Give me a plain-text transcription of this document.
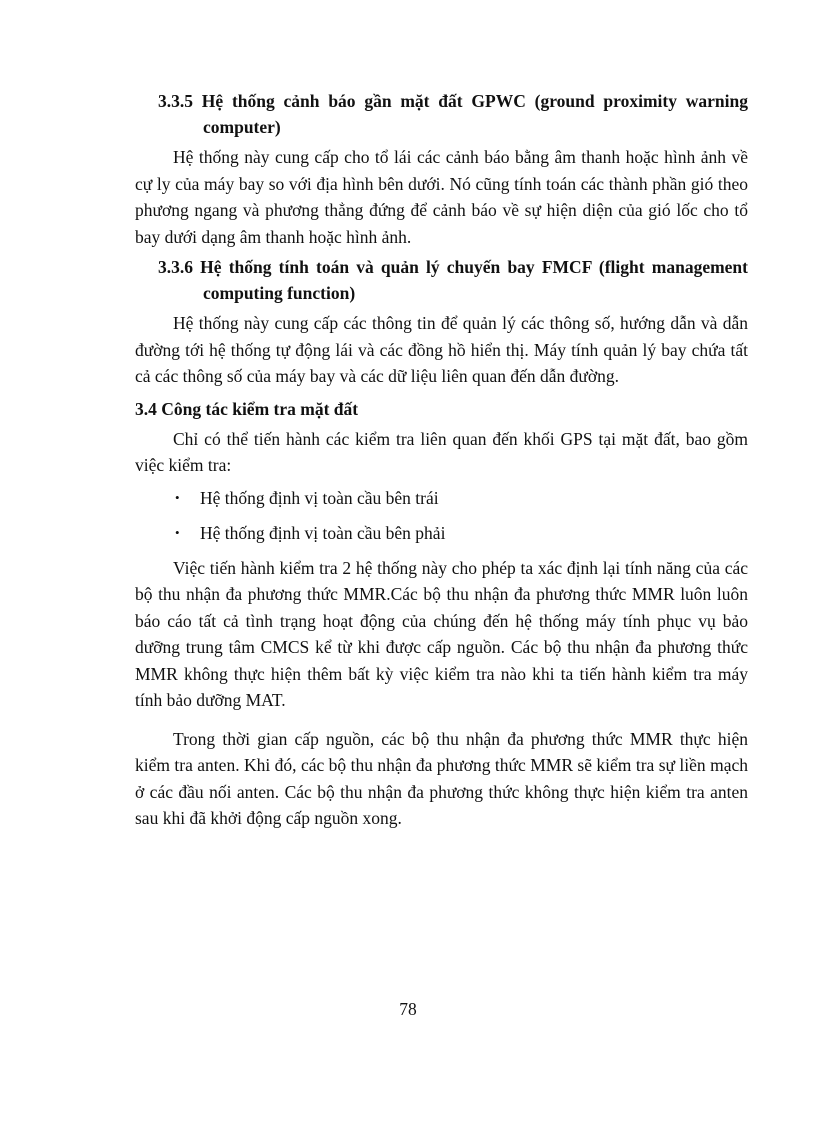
3.3.5 Hệ thống cảnh báo gần mặt đất GPWC (ground proximity warning computer)

Hệ thống này cung cấp cho tổ lái các cảnh báo bằng âm thanh hoặc hình ảnh về cự ly của máy bay so với địa hình bên dưới. Nó cũng tính toán các thành phần gió theo phương ngang và phương thẳng đứng để cảnh báo về sự hiện diện của gió lốc cho tổ bay dưới dạng âm thanh hoặc hình ảnh.

3.3.6 Hệ thống tính toán và quản lý chuyến bay FMCF (flight management computing function)

Hệ thống này cung cấp các thông tin để quản lý các thông số, hướng dẫn và dẫn đường tới hệ thống tự động lái và các đồng hồ hiển thị. Máy tính quản lý bay chứa tất cả các thông số của máy bay và các dữ liệu liên quan đến dẫn đường.

3.4 Công tác kiểm tra mặt đất

Chỉ có thể tiến hành các kiểm tra liên quan đến khối GPS tại mặt đất, bao gồm việc kiểm tra:

• Hệ thống định vị toàn cầu bên trái
• Hệ thống định vị toàn cầu bên phải

Việc tiến hành kiểm tra 2 hệ thống này cho phép ta xác định lại tính năng của các bộ thu nhận đa phương thức MMR.Các bộ thu nhận đa phương thức MMR luôn luôn báo cáo tất cả tình trạng hoạt động của chúng đến hệ thống máy tính phục vụ bảo dưỡng trung tâm CMCS kể từ khi được cấp nguồn. Các bộ thu nhận đa phương thức MMR không thực hiện thêm bất kỳ việc kiểm tra nào khi ta tiến hành kiểm tra máy tính bảo dưỡng MAT.

Trong thời gian cấp nguồn, các bộ thu nhận đa phương thức MMR thực hiện kiểm tra anten. Khi đó, các bộ thu nhận đa phương thức MMR sẽ kiểm tra sự liền mạch ở các đầu nối anten. Các bộ thu nhận đa phương thức không thực hiện kiểm tra anten sau khi đã khởi động cấp nguồn xong.

78
